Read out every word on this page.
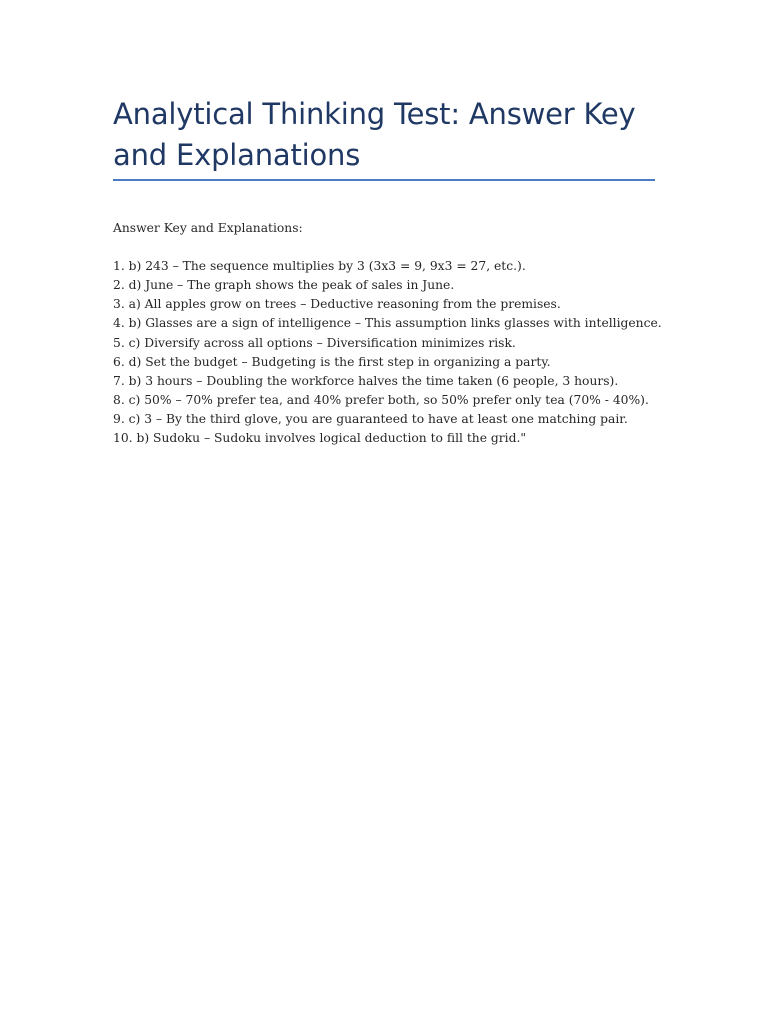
Analytical Thinking Test: Answer Key and Explanations

Answer Key and Explanations:

1. b) 243 – The sequence multiplies by 3 (3x3 = 9, 9x3 = 27, etc.).
2. d) June – The graph shows the peak of sales in June.
3. a) All apples grow on trees – Deductive reasoning from the premises.
4. b) Glasses are a sign of intelligence – This assumption links glasses with intelligence.
5. c) Diversify across all options – Diversification minimizes risk.
6. d) Set the budget – Budgeting is the first step in organizing a party.
7. b) 3 hours – Doubling the workforce halves the time taken (6 people, 3 hours).
8. c) 50% – 70% prefer tea, and 40% prefer both, so 50% prefer only tea (70% - 40%).
9. c) 3 – By the third glove, you are guaranteed to have at least one matching pair.
10. b) Sudoku – Sudoku involves logical deduction to fill the grid."
